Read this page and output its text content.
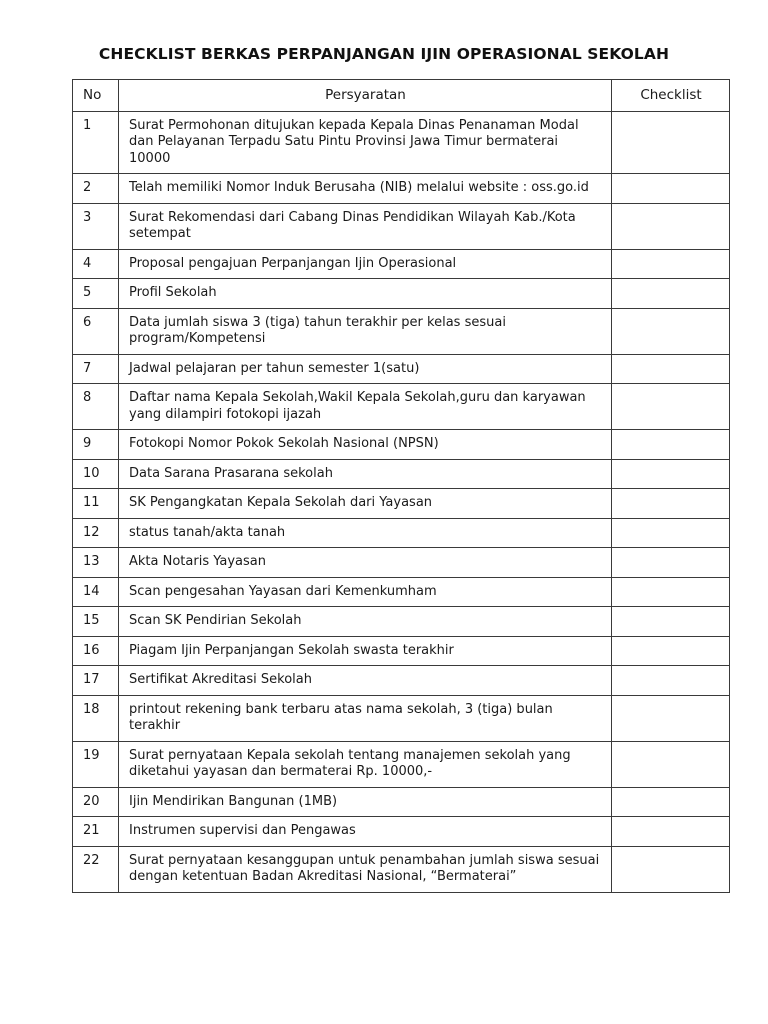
CHECKLIST BERKAS PERPANJANGAN IJIN OPERASIONAL SEKOLAH
No	Persyaratan	Checklist
1	Surat Permohonan ditujukan kepada Kepala Dinas Penanaman Modal dan Pelayanan Terpadu Satu Pintu Provinsi Jawa Timur bermaterai 10000	
2	Telah memiliki Nomor Induk Berusaha (NIB) melalui website : oss.go.id	
3	Surat Rekomendasi dari Cabang Dinas Pendidikan Wilayah Kab./Kota setempat	
4	Proposal pengajuan Perpanjangan Ijin Operasional	
5	Profil Sekolah	
6	Data jumlah siswa 3 (tiga) tahun terakhir per kelas sesuai program/Kompetensi	
7	Jadwal pelajaran per tahun semester 1(satu)	
8	Daftar nama Kepala Sekolah,Wakil Kepala Sekolah,guru dan karyawan yang dilampiri fotokopi ijazah	
9	Fotokopi Nomor Pokok Sekolah Nasional (NPSN)	
10	Data Sarana Prasarana sekolah	
11	SK Pengangkatan Kepala Sekolah dari Yayasan	
12	status tanah/akta tanah	
13	Akta Notaris Yayasan	
14	Scan pengesahan Yayasan dari Kemenkumham	
15	Scan SK Pendirian Sekolah	
16	Piagam Ijin Perpanjangan Sekolah swasta terakhir	
17	Sertifikat Akreditasi Sekolah	
18	printout rekening bank terbaru atas nama sekolah, 3 (tiga) bulan terakhir	
19	Surat pernyataan Kepala sekolah tentang manajemen sekolah yang diketahui yayasan dan bermaterai Rp. 10000,-	
20	Ijin Mendirikan Bangunan (1MB)	
21	Instrumen supervisi dan Pengawas	
22	Surat pernyataan kesanggupan untuk penambahan jumlah siswa sesuai dengan ketentuan Badan Akreditasi Nasional, “Bermaterai”	
